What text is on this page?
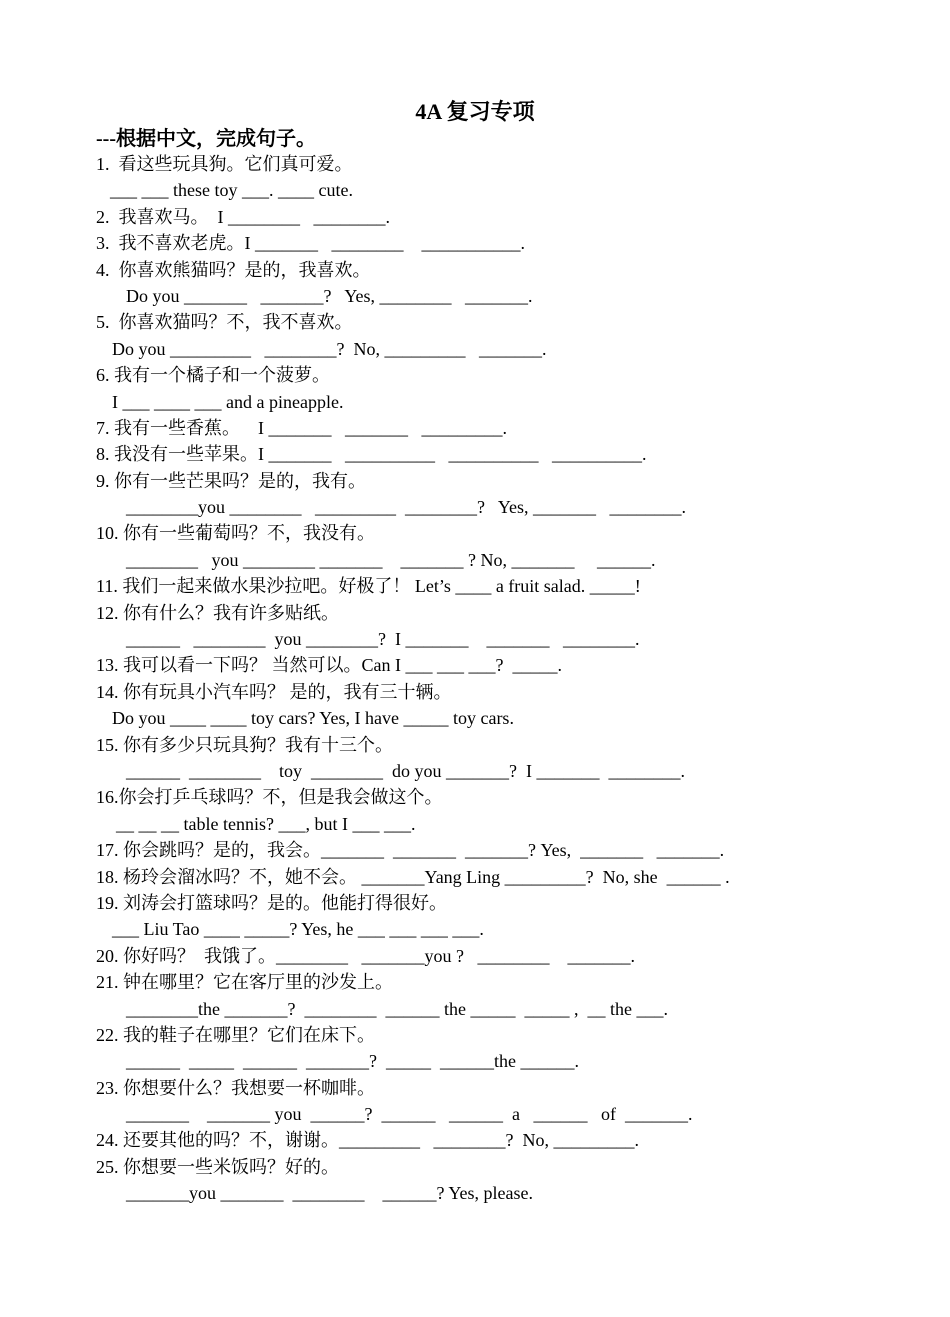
4A 复习专项
---根据中文，完成句子。
1.  看这些玩具狗。它们真可爱。
___ ___ these toy ___. ____ cute.
2.  我喜欢马。  I ________   ________.
3.  我不喜欢老虎。I _______   ________    ___________.
4.  你喜欢熊猫吗？是的，我喜欢。
Do you _______   _______?   Yes, ________   _______.
5.  你喜欢猫吗？不，我不喜欢。
Do you _________   ________?  No, _________   _______.
6. 我有一个橘子和一个菠萝。
I ___ ____ ___ and a pineapple.
7. 我有一些香蕉。    I _______   _______   _________.
8. 我没有一些苹果。I _______   __________   __________   __________.
9. 你有一些芒果吗？是的，我有。
________you ________   _________  ________?   Yes, _______   ________.
10. 你有一些葡萄吗？不，我没有。
________   you ________ _______    _______ ? No, _______     ______.
11. 我们一起来做水果沙拉吧。好极了！ Let’s ____ a fruit salad. _____!
12. 你有什么？我有许多贴纸。
______   ________  you ________?  I _______    _______   ________.
13. 我可以看一下吗？ 当然可以。Can I ___ ___ ___?  _____.
14. 你有玩具小汽车吗？ 是的，我有三十辆。
Do you ____ ____ toy cars? Yes, I have _____ toy cars.
15. 你有多少只玩具狗？我有十三个。
______  ________    toy  ________  do you _______?  I _______  ________.
16.你会打乒乓球吗？不，但是我会做这个。
__ __ __ table tennis? ___, but I ___ ___.
17. 你会跳吗？是的，我会。_______  _______  _______? Yes,  _______   _______.
18. 杨玲会溜冰吗？不，她不会。 _______Yang Ling _________?  No, she  ______ .
19. 刘涛会打篮球吗？是的。他能打得很好。
___ Liu Tao ____ _____? Yes, he ___ ___ ___ ___.
20. 你好吗？  我饿了。________   _______you ?   ________    _______.
21. 钟在哪里？它在客厅里的沙发上。
________the _______?  ________  ______ the _____  _____ ,  __ the ___.
22. 我的鞋子在哪里？它们在床下。
______  _____  ______  _______?  _____  ______the ______.
23. 你想要什么？我想要一杯咖啡。
_______    _______ you  ______?  ______   ______  a   ______   of  _______.
24. 还要其他的吗？不，谢谢。_________   ________?  No, _________.
25. 你想要一些米饭吗？好的。
_______you _______  ________    ______? Yes, please.
